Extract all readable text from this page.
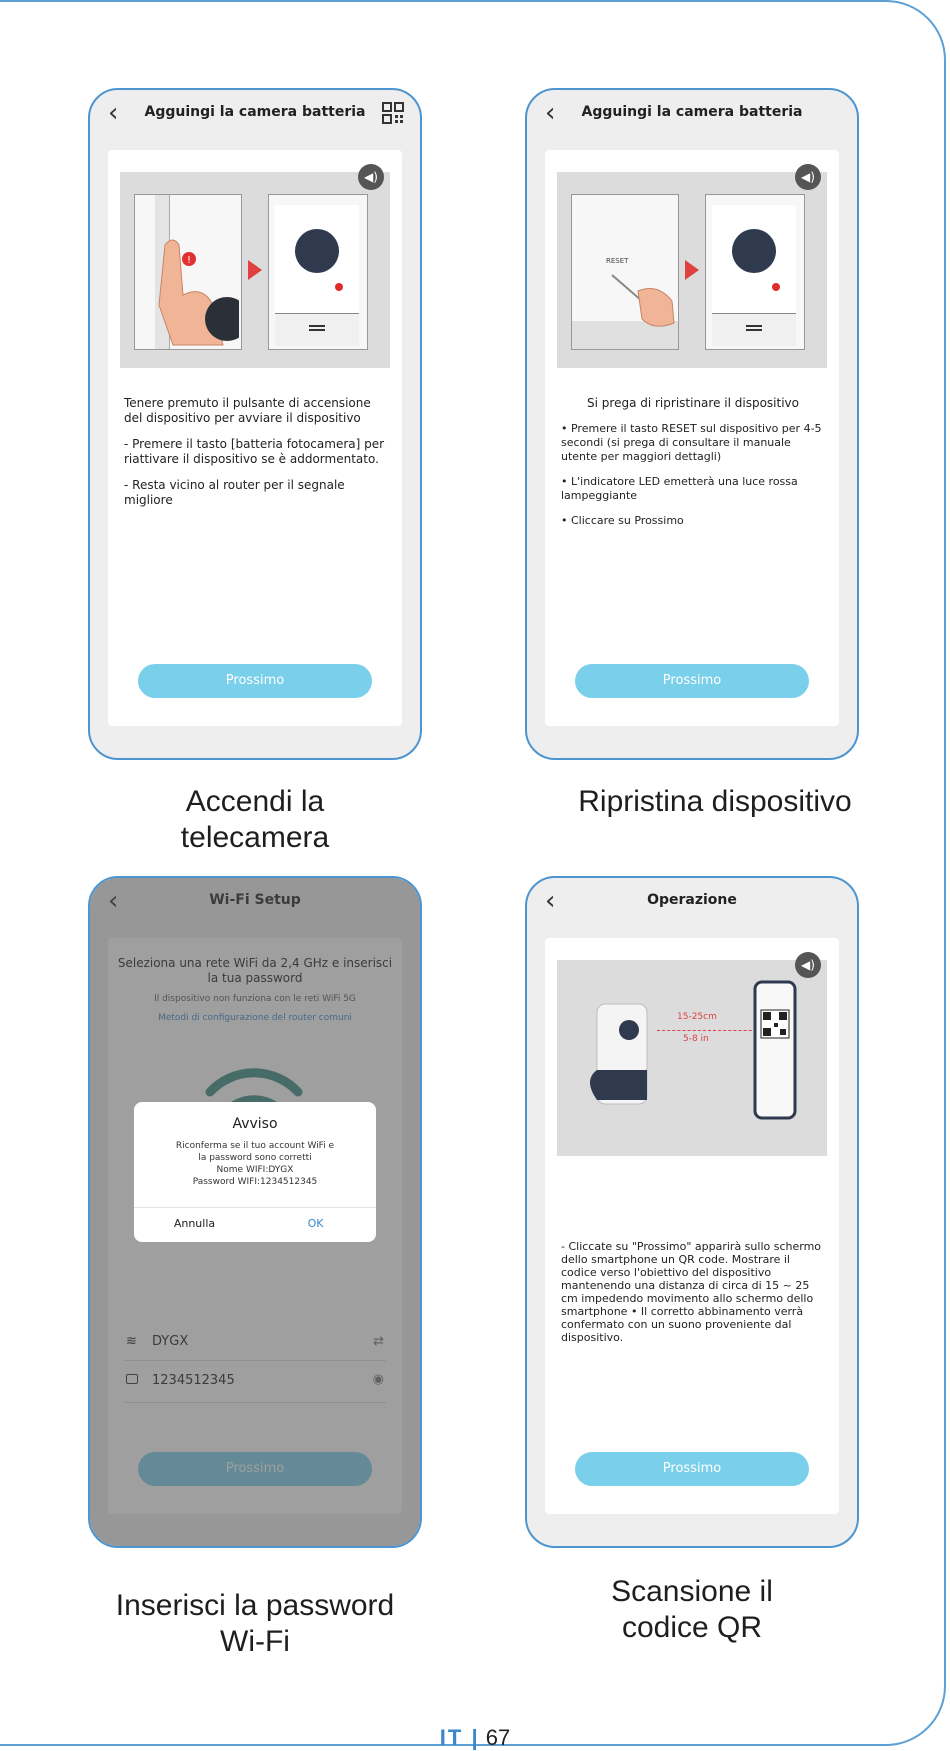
‹	Agguingi la camera batteria
◀)
!

Tenere premuto il pulsante di accensione del dispositivo per avviare il dispositivo

- Premere il tasto [batteria fotocamera] per riattivare il dispositivo se è addormentato.

- Resta vicino al router per il segnale migliore

Prossimo
‹	Agguingi la camera batteria
◀)
RESET

Si prega di ripristinare il dispositivo

• Premere il tasto RESET sul dispositivo per 4-5 secondi (si prega di consultare il manuale utente per maggiori dettagli)

• L'indicatore LED emetterà una luce rossa lampeggiante

• Cliccare su Prossimo

Prossimo
Accendi la
telecamera
Ripristina dispositivo

Avviso
Riconferma se il tuo account WiFi e
la password sono corretti
Nome WIFI:DYGX
Password WIFI:1234512345
Annulla	OK
‹	Operazione
◀)
15-25cm
5-8 in

- Cliccate su "Prossimo" apparirà sullo schermo dello smartphone un QR code. Mostrare il codice verso l'obiettivo del dispositivo mantenendo una distanza di circa di 15 ~ 25 cm impedendo movimento allo schermo dello smartphone • Il corretto abbinamento verrà confermato con un suono proveniente dal dispositivo.

Prossimo
Inserisci la password
Wi-Fi
Scansione il
codice QR
IT | 67
